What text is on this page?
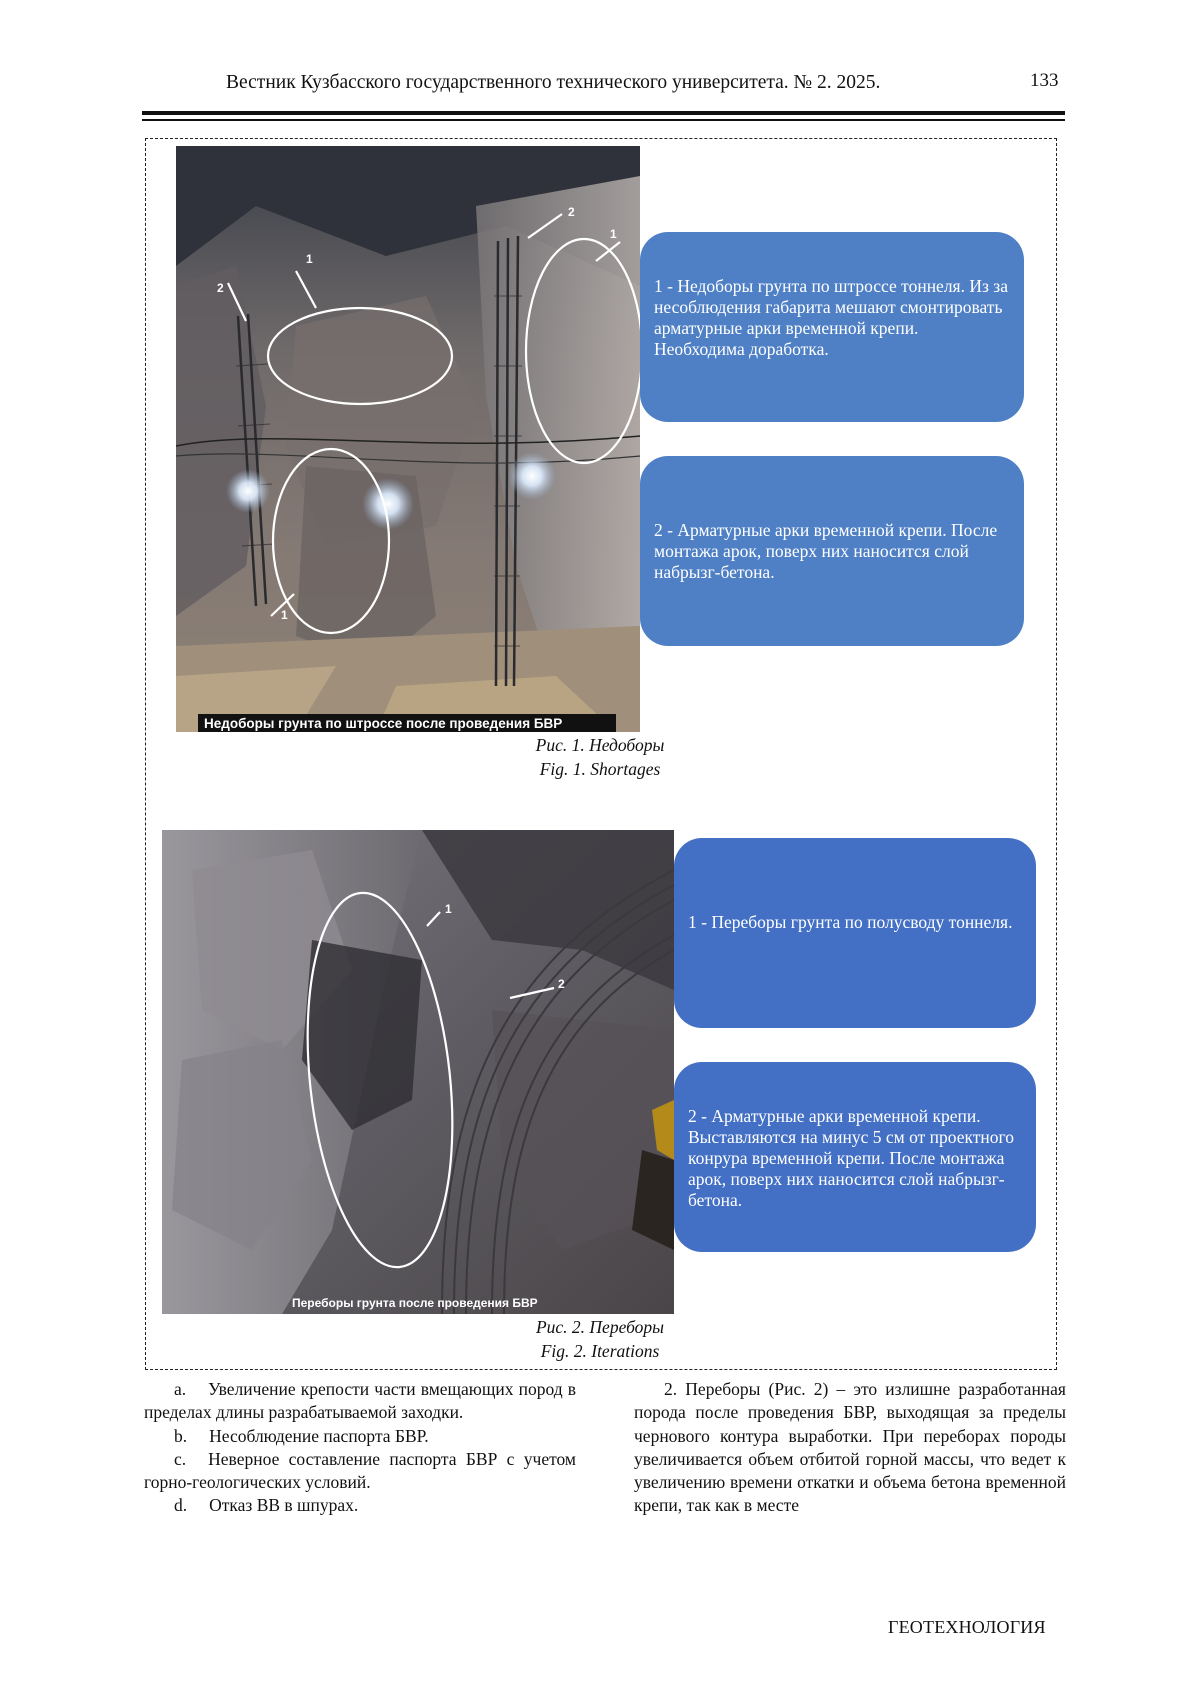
Вестник Кузбасского государственного технического университета. № 2. 2025.	133
1
2
1
1
2
Недоборы грунта по штроссе после проведения БВР
1 - Недоборы грунта по штроссе тоннеля. Из за несоблюдения габарита мешают смонтировать арматурные арки временной крепи. Необходима доработка.
2 - Арматурные арки временной крепи. После монтажа арок, поверх них наносится слой набрызг-бетона.
Рис. 1. Недоборы
Fig. 1. Shortages
1
2
Переборы грунта после проведения БВР
1 - Переборы грунта по полусводу тоннеля.
2 - Арматурные арки временной крепи. Выставляются на минус 5 см от проектного конрура временной крепи. После монтажа арок, поверх них наносится слой набрызг-бетона.
Рис. 2. Переборы
Fig. 2. Iterations

a. Увеличение крепости части вмещающих пород в пределах длины разрабатываемой заходки.

b. Несоблюдение паспорта БВР.

c. Неверное составление паспорта БВР с учетом горно-геологических условий.

d. Отказ ВВ в шпурах.

2. Переборы (Рис. 2) – это излишне разработанная порода после проведения БВР, выходящая за пределы чернового контура выработки. При переборах породы увеличивается объем отбитой горной массы, что ведет к увеличению времени откатки и объема бетона временной крепи, так как в месте

ГЕОТЕХНОЛОГИЯ
